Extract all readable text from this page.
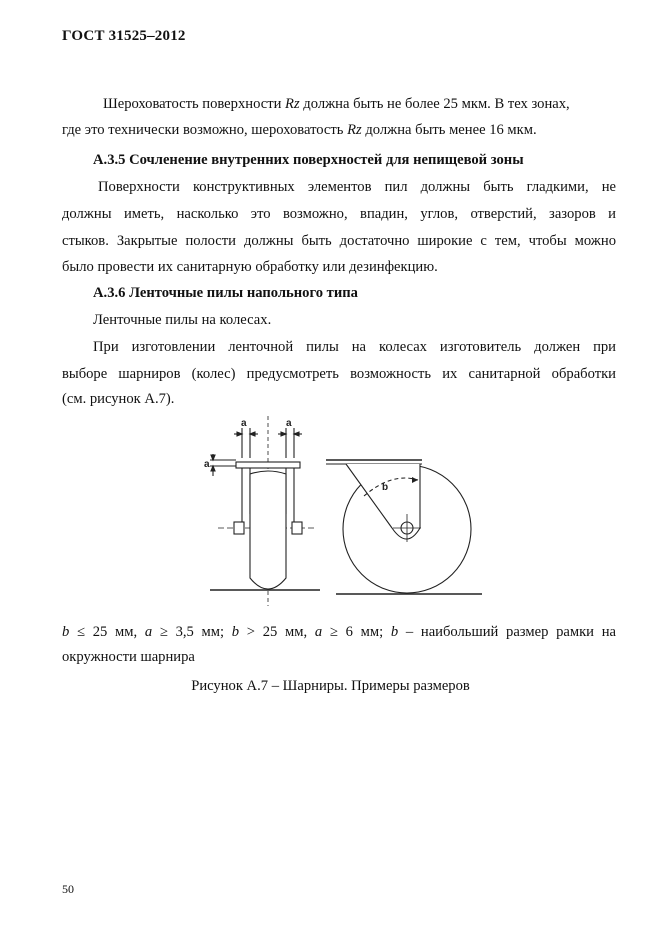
ГОСТ 31525–2012
Шероховатость поверхности Rz должна быть не более 25 мкм. В тех зонах,
где это технически возможно, шероховатость Rz должна быть менее 16 мкм.
А.3.5 Сочленение внутренних поверхностей для непищевой зоны
Поверхности конструктивных элементов пил должны быть гладкими, не
должны иметь, насколько это возможно, впадин, углов, отверстий, зазоров и
стыков. Закрытые полости должны быть достаточно широкие с тем, чтобы можно
было провести их санитарную обработку или дезинфекцию.
А.3.6 Ленточные пилы напольного типа
Ленточные пилы на колесах.
При изготовлении ленточной пилы на колесах изготовитель должен при
выборе шарниров (колес) предусмотреть возможность их санитарной обработки
(см. рисунок А.7).
a	a
a
b
b ≤ 25 мм, a ≥ 3,5 мм; b > 25 мм, a ≥ 6 мм; b – наибольший размер рамки на
окружности шарнира
Рисунок А.7 – Шарниры. Примеры размеров
50
